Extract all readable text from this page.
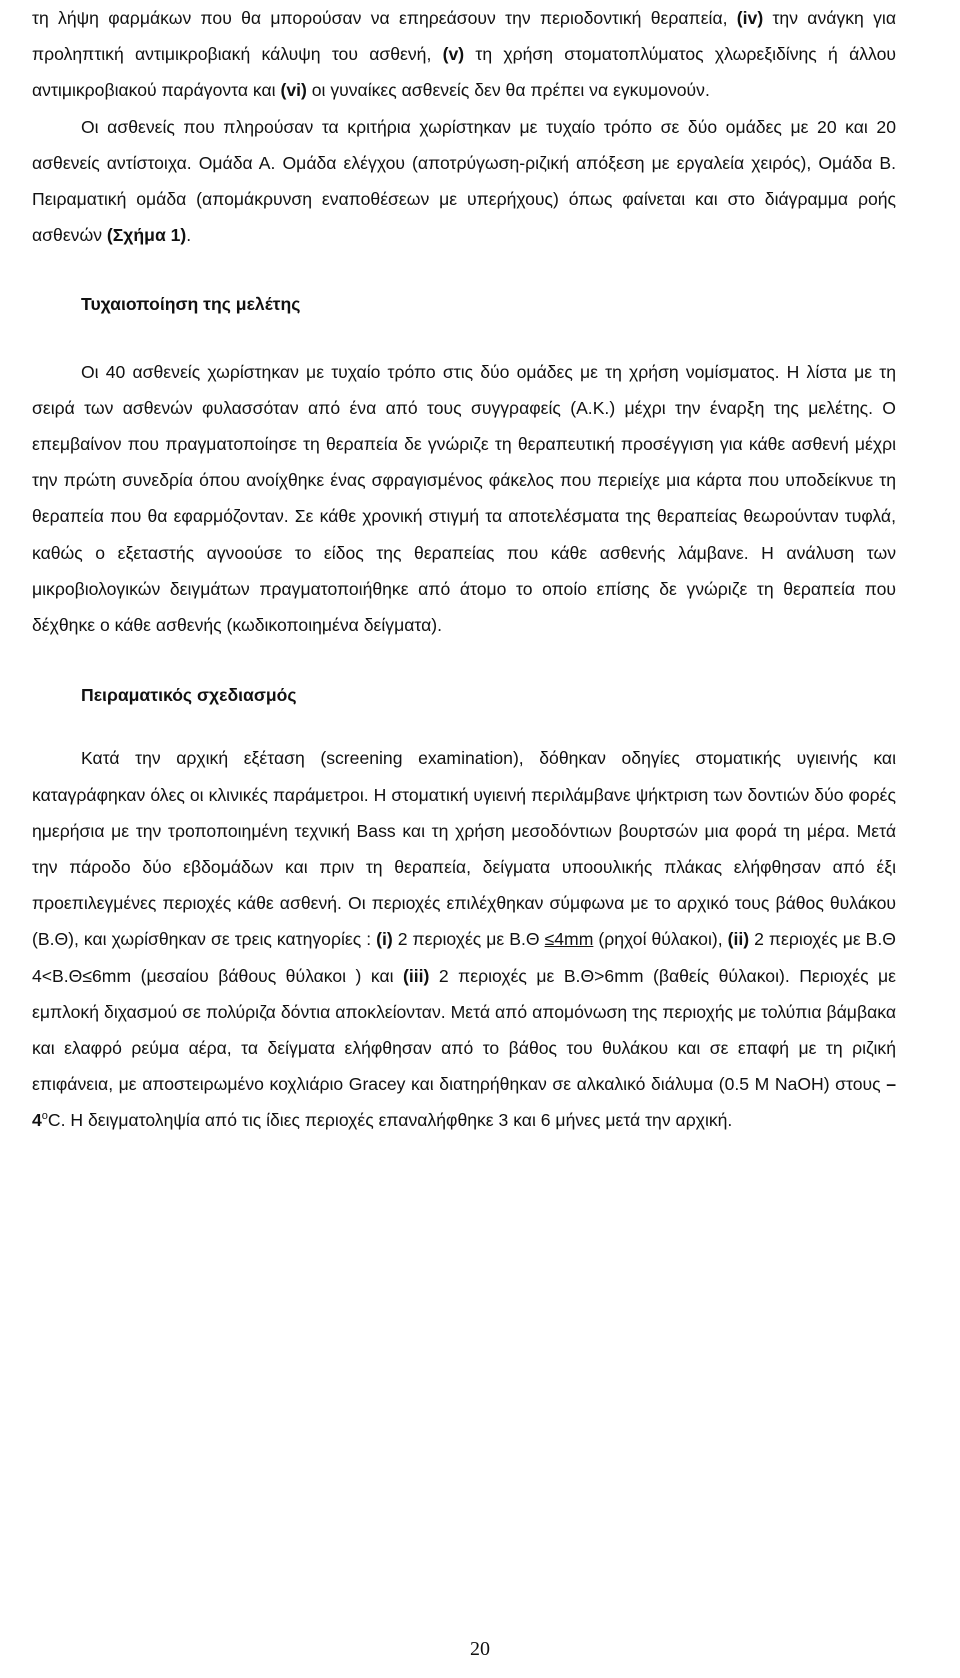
τη λήψη φαρμάκων που θα μπορούσαν να επηρεάσουν την περιοδοντική θεραπεία, (iv) την ανάγκη για προληπτική αντιμικροβιακή κάλυψη του ασθενή, (v) τη χρήση στοματοπλύματος χλωρεξιδίνης ή άλλου αντιμικροβιακού παράγοντα και (vi) οι γυναίκες ασθενείς δεν θα πρέπει να εγκυμονούν.

Οι ασθενείς που πληρούσαν τα κριτήρια χωρίστηκαν με τυχαίο τρόπο σε δύο ομάδες με 20 και 20 ασθενείς αντίστοιχα. Ομάδα Α. Ομάδα ελέγχου (αποτρύγωση-ριζική απόξεση με εργαλεία χειρός), Ομάδα Β. Πειραματική ομάδα (απομάκρυνση εναποθέσεων με υπερήχους) όπως φαίνεται και στο διάγραμμα ροής ασθενών (Σχήμα 1).

Τυχαιοποίηση της μελέτης

Οι 40 ασθενείς χωρίστηκαν με τυχαίο τρόπο στις δύο ομάδες με τη χρήση νομίσματος. Η λίστα με τη σειρά των ασθενών φυλασσόταν από ένα από τους συγγραφείς (Α.Κ.) μέχρι την έναρξη της μελέτης. Ο επεμβαίνον που πραγματοποίησε τη θεραπεία δε γνώριζε τη θεραπευτική προσέγγιση για κάθε ασθενή μέχρι την πρώτη συνεδρία όπου ανοίχθηκε ένας σφραγισμένος φάκελος που περιείχε μια κάρτα που υποδείκνυε τη θεραπεία που θα εφαρμόζονταν. Σε κάθε χρονική στιγμή τα αποτελέσματα της θεραπείας θεωρούνταν τυφλά, καθώς ο εξεταστής αγνοούσε το είδος της θεραπείας που κάθε ασθενής λάμβανε. Η ανάλυση των μικροβιολογικών δειγμάτων πραγματοποιήθηκε από άτομο το οποίο επίσης δε γνώριζε τη θεραπεία που δέχθηκε ο κάθε ασθενής (κωδικοποιημένα δείγματα).

Πειραματικός σχεδιασμός

Κατά την αρχική εξέταση (screening examination), δόθηκαν οδηγίες στοματικής υγιεινής και καταγράφηκαν όλες οι κλινικές παράμετροι. Η στοματική υγιεινή περιλάμβανε ψήκτριση των δοντιών δύο φορές ημερήσια με την τροποποιημένη τεχνική Bass και τη χρήση μεσοδόντιων βουρτσών μια φορά τη μέρα. Μετά την πάροδο δύο εβδομάδων και πριν τη θεραπεία, δείγματα υποουλικής πλάκας ελήφθησαν από έξι προεπιλεγμένες περιοχές κάθε ασθενή. Οι περιοχές επιλέχθηκαν σύμφωνα με το αρχικό τους βάθος θυλάκου (Β.Θ), και χωρίσθηκαν σε τρεις κατηγορίες : (i) 2 περιοχές με Β.Θ ≤4mm (ρηχοί θύλακοι), (ii) 2 περιοχές με Β.Θ 4<Β.Θ≤6mm (μεσαίου βάθους θύλακοι ) και (iii) 2 περιοχές με Β.Θ>6mm (βαθείς θύλακοι). Περιοχές με εμπλοκή διχασμού σε πολύριζα δόντια αποκλείονταν. Μετά από απομόνωση της περιοχής με τολύπια βάμβακα και ελαφρό ρεύμα αέρα, τα δείγματα ελήφθησαν από το βάθος του θυλάκου και σε επαφή με τη ριζική επιφάνεια, με αποστειρωμένο κοχλιάριο Gracey και διατηρήθηκαν σε αλκαλικό διάλυμα (0.5 M NaOH) στους –4$^o$C. Η δειγματοληψία από τις ίδιες περιοχές επαναλήφθηκε 3 και 6 μήνες μετά την αρχική.

20
